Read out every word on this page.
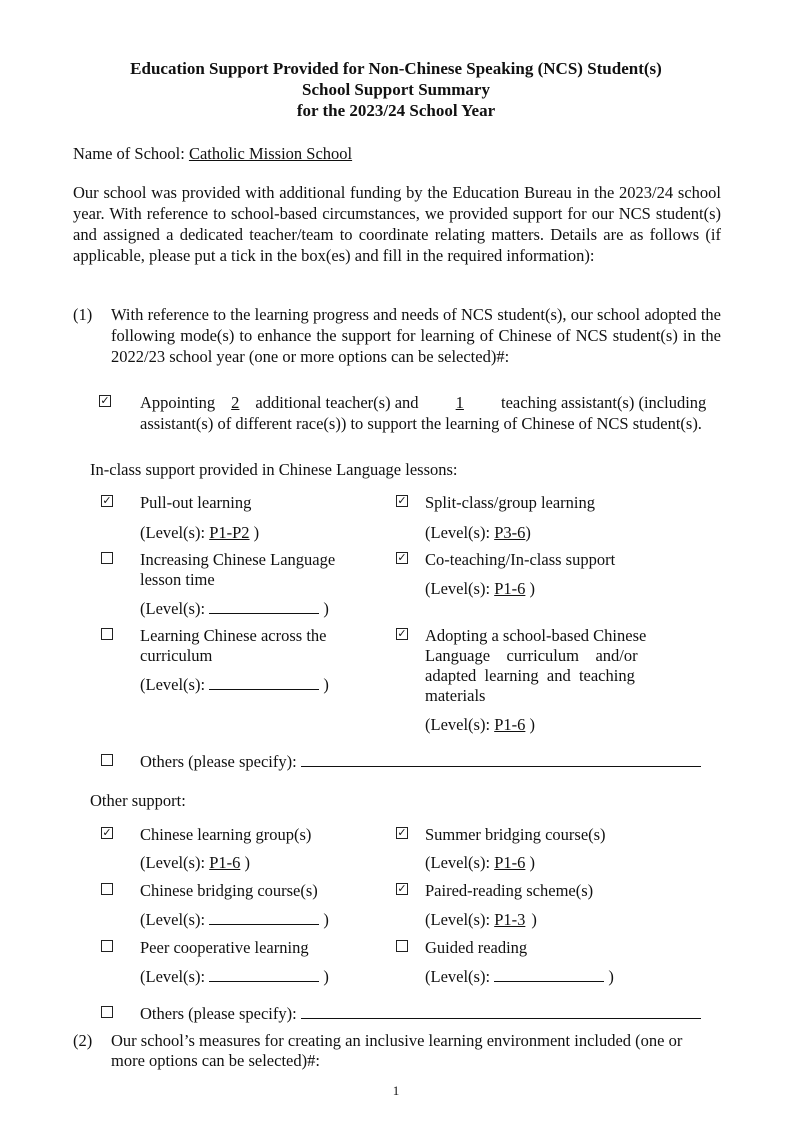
Education Support Provided for Non-Chinese Speaking (NCS) Student(s)
School Support Summary
for the 2023/24 School Year
Name of School: Catholic Mission School
Our school was provided with additional funding by the Education Bureau in the 2023/24 school year. With reference to school-based circumstances, we provided support for our NCS student(s) and assigned a dedicated teacher/team to coordinate relating matters. Details are as follows (if applicable, please put a tick in the box(es) and fill in the required information):
(1) With reference to the learning progress and needs of NCS student(s), our school adopted the following mode(s) to enhance the support for learning of Chinese of NCS student(s) in the 2022/23 school year (one or more options can be selected)#:
✓
Appointing 2 additional teacher(s) and 1 teaching assistant(s) (including
assistant(s) of different race(s)) to support the learning of Chinese of NCS student(s).
In-class support provided in Chinese Language lessons:
✓
Pull-out learning
(Level(s): P1-P2 )
✓
Split-class/group learning
(Level(s): P3-6)
Increasing Chinese Language
lesson time
(Level(s):	)
✓
Co-teaching/In-class support
(Level(s): P1-6 )
Learning Chinese across the
curriculum
(Level(s):	)
✓
Adopting a school-based Chinese
Language    curriculum    and/or
adapted  learning  and  teaching
materials
(Level(s): P1-6 )
Others (please specify):
Other support:
✓
Chinese learning group(s)
(Level(s): P1-6 )
✓
Summer bridging course(s)
(Level(s): P1-6 )
Chinese bridging course(s)
(Level(s):	)
✓
Paired-reading scheme(s)
(Level(s): P1-3 )
Peer cooperative learning
(Level(s):	)
Guided reading
(Level(s):	)
Others (please specify):
(2) Our school’s measures for creating an inclusive learning environment included (one or
more options can be selected)#:
1
